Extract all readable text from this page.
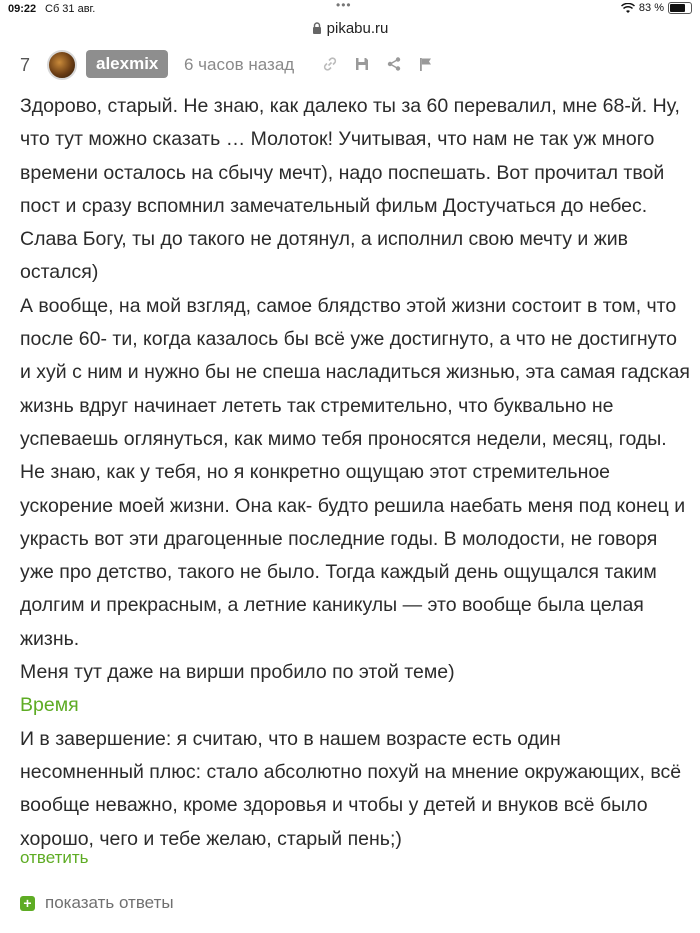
09:22 Сб 31 авг.	•••	83 %
pikabu.ru
7	alexmix	6 часов назад

Здорово, старый. Не знаю, как далеко ты за 60 перевалил, мне 68-й. Ну, что тут можно сказать … Молоток! Учитывая, что нам не так уж много времени осталось на сбычу мечт), надо поспешать. Вот прочитал твой пост и сразу вспомнил замечательный фильм Достучаться до небес. Слава Богу, ты до такого не дотянул, а исполнил свою мечту и жив остался)

А вообще, на мой взгляд, самое блядство этой жизни состоит в том, что после 60- ти, когда казалось бы всё уже достигнуто, а что не достигнуто и хуй с ним и нужно бы не спеша насладиться жизнью, эта самая гадская жизнь вдруг начинает лететь так стремительно, что буквально не успеваешь оглянуться, как мимо тебя проносятся недели, месяц, годы. Не знаю, как у тебя, но я конкретно ощущаю этот стремительное ускорение моей жизни. Она как- будто решила наебать меня под конец и украсть вот эти драгоценные последние годы. В молодости, не говоря уже про детство, такого не было. Тогда каждый день ощущался таким долгим и прекрасным, а летние каникулы — это вообще была целая жизнь.

Меня тут даже на вирши пробило по этой теме)

Время

И в завершение: я считаю, что в нашем возрасте есть один несомненный плюс: стало абсолютно похуй на мнение окружающих, всё вообще неважно, кроме здоровья и чтобы у детей и внуков всё было хорошо, чего и тебе желаю, старый пень;)

ответить
+ показать ответы
